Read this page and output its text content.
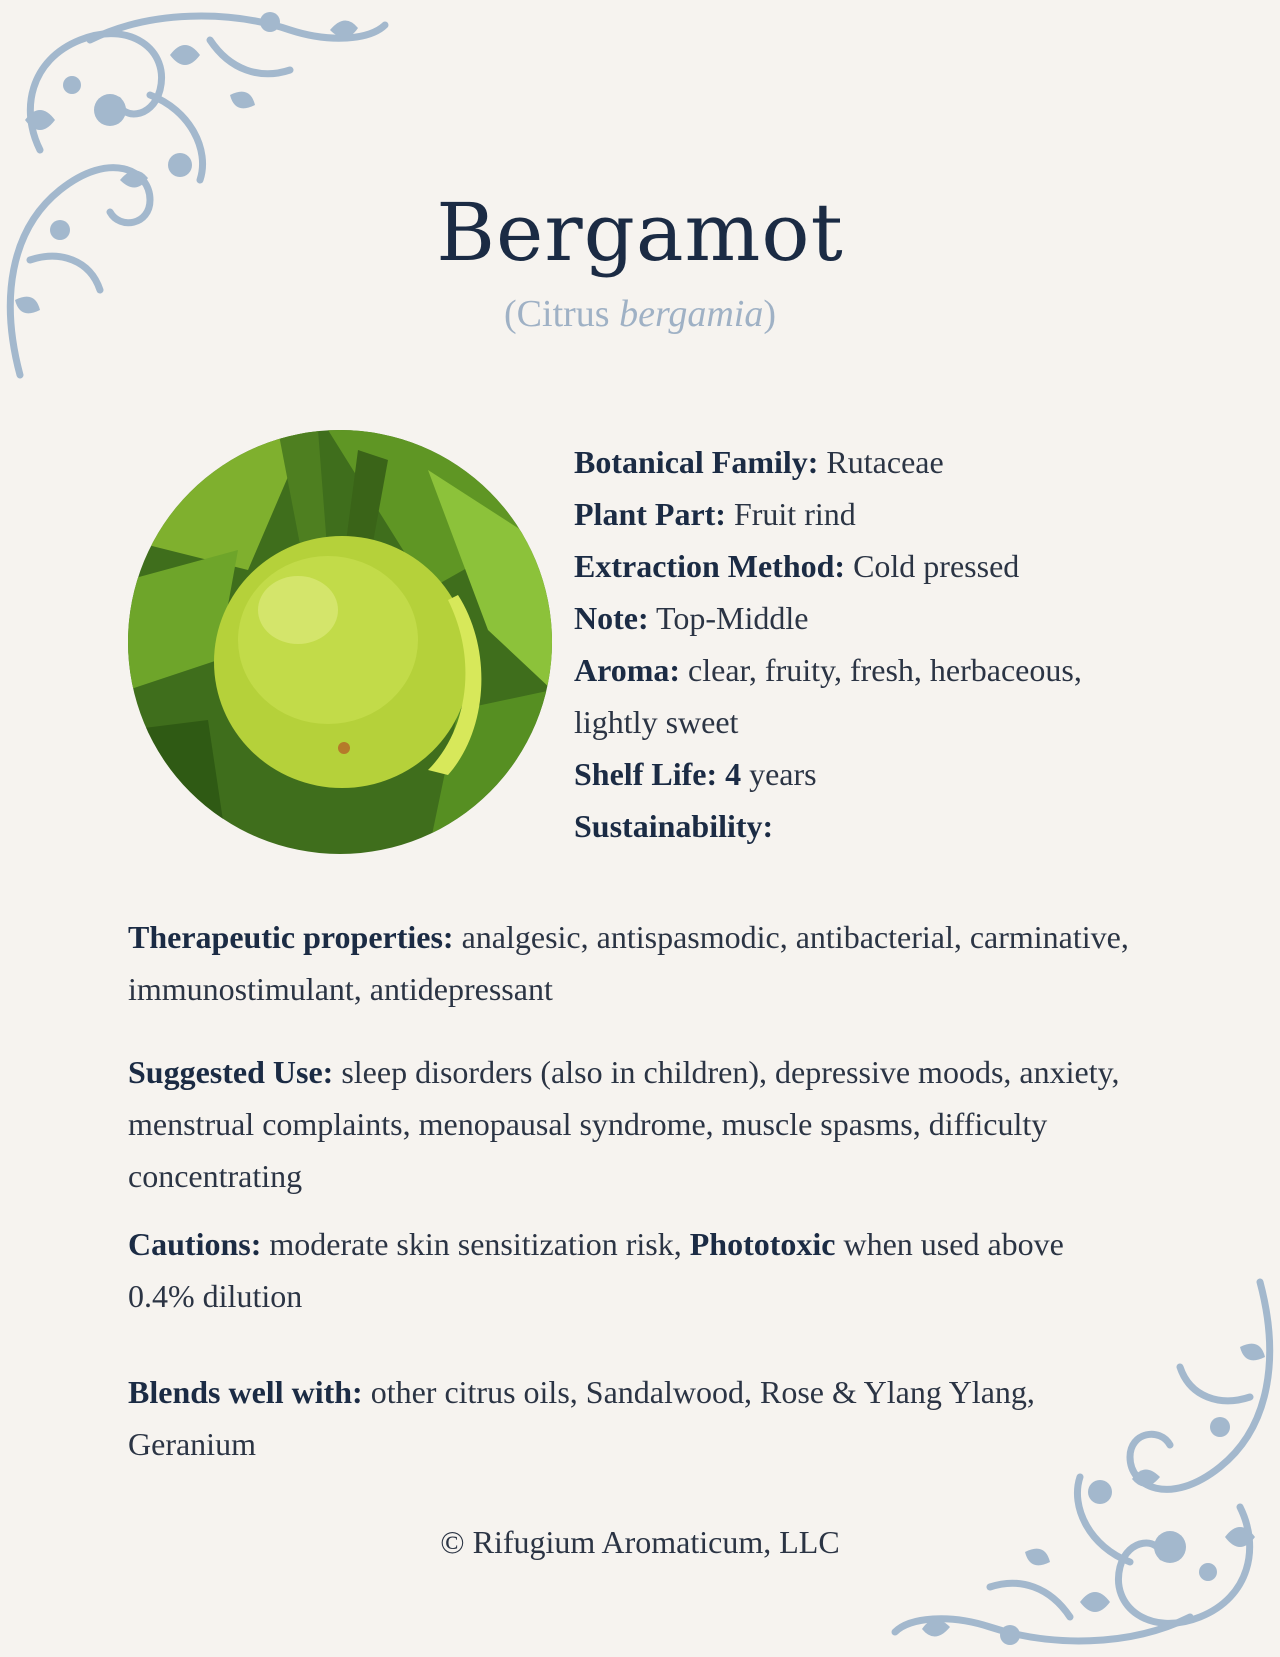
Bergamot
(Citrus bergamia)

Botanical Family: Rutaceae

Plant Part: Fruit rind

Extraction Method: Cold pressed

Note: Top-Middle

Aroma: clear, fruity, fresh, herbaceous, lightly sweet

Shelf Life: 4 years

Sustainability:

Therapeutic properties: analgesic, antispasmodic, antibacterial, carminative, immunostimulant, antidepressant

Suggested Use: sleep disorders (also in children), depressive moods, anxiety, menstrual complaints, menopausal syndrome, muscle spasms, difficulty concentrating

Cautions: moderate skin sensitization risk, Phototoxic when used above 0.4% dilution

Blends well with: other citrus oils, Sandalwood, Rose & Ylang Ylang, Geranium

© Rifugium Aromaticum, LLC
